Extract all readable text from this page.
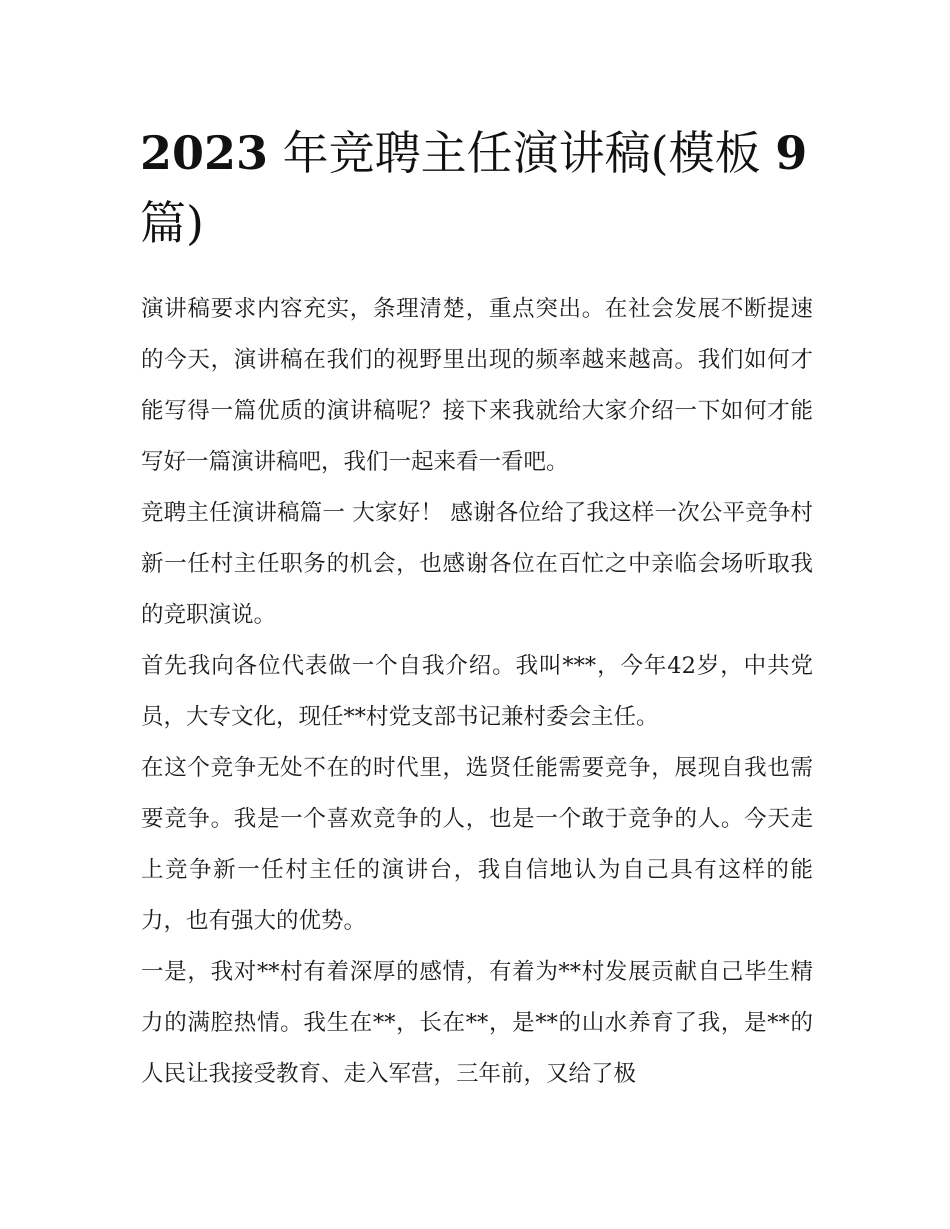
2023 年竞聘主任演讲稿(模板 9
篇)

演讲稿要求内容充实，条理清楚，重点突出。在社会发展不断提速的今天，演讲稿在我们的视野里出现的频率越来越高。我们如何才能写得一篇优质的演讲稿呢？接下来我就给大家介绍一下如何才能写好一篇演讲稿吧，我们一起来看一看吧。

竞聘主任演讲稿篇一 大家好！ 感谢各位给了我这样一次公平竞争村新一任村主任职务的机会，也感谢各位在百忙之中亲临会场听取我的竞职演说。

首先我向各位代表做一个自我介绍。我叫***，今年42岁，中共党员，大专文化，现任**村党支部书记兼村委会主任。

在这个竞争无处不在的时代里，选贤任能需要竞争，展现自我也需要竞争。我是一个喜欢竞争的人，也是一个敢于竞争的人。今天走上竞争新一任村主任的演讲台，我自信地认为自己具有这样的能力，也有强大的优势。

一是，我对**村有着深厚的感情，有着为**村发展贡献自己毕生精力的满腔热情。我生在**，长在**，是**的山水养育了我，是**的人民让我接受教育、走入军营，三年前，又给了极
